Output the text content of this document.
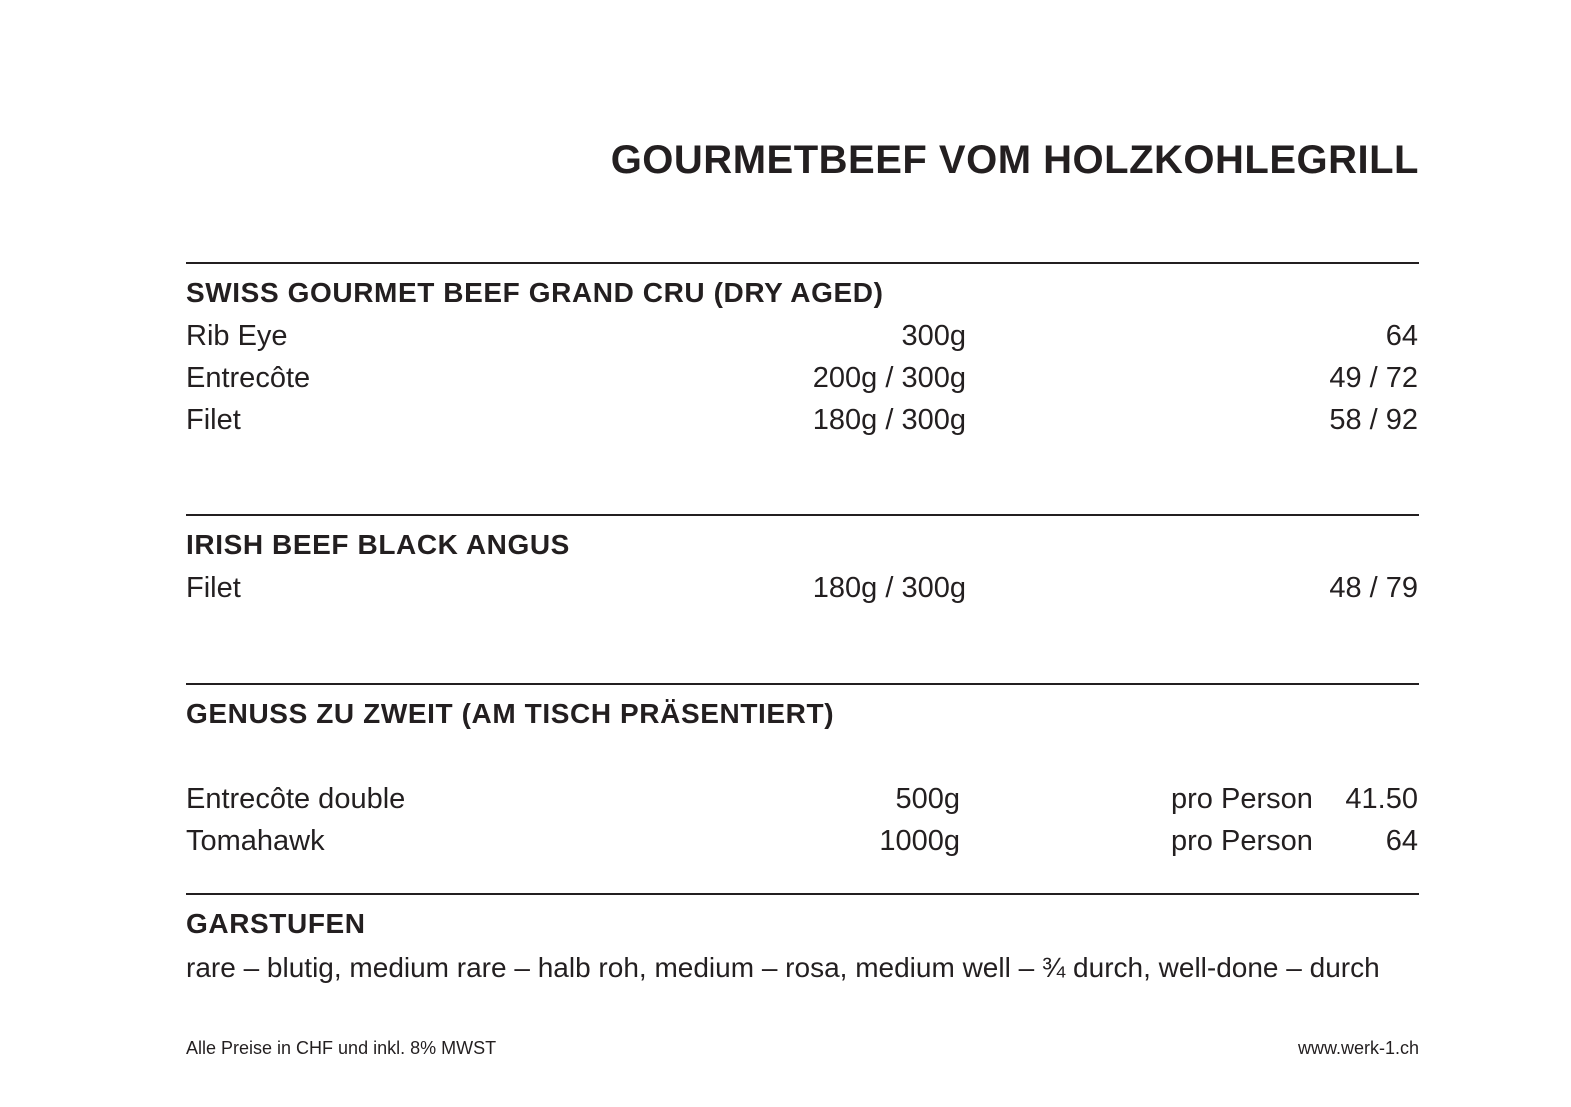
GOURMETBEEF VOM HOLZKOHLEGRILL
SWISS GOURMET BEEF GRAND CRU (DRY AGED)
Rib Eye	300g	64
Entrecôte	200g / 300g	49 / 72
Filet	180g / 300g	58 / 92
IRISH BEEF BLACK ANGUS
Filet	180g / 300g	48 / 79
GENUSS ZU ZWEIT (AM TISCH PRÄSENTIERT)
Entrecôte double	500g	pro Person 41.50
Tomahawk	1000g	pro Person	64
GARSTUFEN
rare – blutig, medium rare – halb roh, medium – rosa, medium well – ¾ durch, well-done – durch
Alle Preise in CHF und inkl. 8% MWST	www.werk-1.ch
